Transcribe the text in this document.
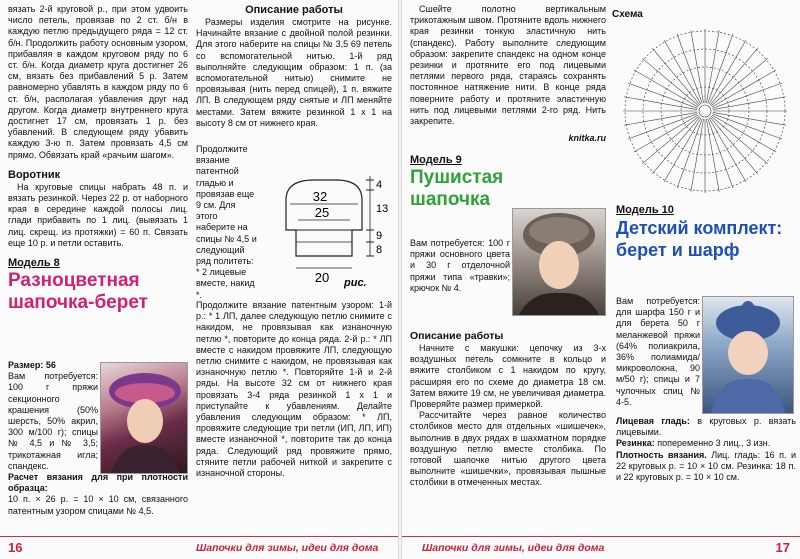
вязать 2-й круговой р., при этом удвоить число петель, провязав по 2 ст. б/н в каждую петлю предыдущего ряда = 12 ст. б/н. Продолжить работу основным узором, прибавляя в каждом круговом ряду по 6 ст. б/н. Когда диаметр круга достигнет 26 см, вязать без прибавлений 5 р. Затем равномерно убавлять в каждом ряду по 6 ст. б/н, располагая убавления друг над другом. Когда диаметр внутреннего круга достигнет 17 см, провязать 1 р. без убавлений. В следующем ряду убавить каждую 3-ю п. Затем провязать 4,5 см прямо. Обвязать край «рачьим шагом».

Воротник

На круговые спицы набрать 48 п. и вязать резинкой. Через 22 р. от наборного края в середине каждой полосы лиц. глади прибавить по 1 лиц. (вывязать 1 лиц. скрещ. из протяжки) = 60 п. Связать еще 10 р. и петли оставить.

Модель 8
Разноцветная шапочка-берет

Размер: 56

Вам потребуется: 100 г пряжи секционного крашения (50% шерсть, 50% акрил, 300 м/100 г); спицы № 4,5 и № 3,5; трикотажная игла; спандекс.

Расчет вязания для при плотности образца:

10 п. × 26 р. = 10 × 10 см, связанного патентным узором спицами № 4,5.

Описание работы

Размеры изделия смотрите на рисунке. Начинайте вязание с двойной полой резинки. Для этого наберите на спицы № 3,5 69 петель со вспомогательной нитью. 1-й ряд выполняйте следующим образом: 1 п. (за вспомогательной нитью) снимите не провязывая (нить перед спицей), 1 п. вяжите ЛП. В следующем ряду снятые и ЛП меняйте местами. Затем вяжите резинкой 1 х 1 на высоту 8 см от нижнего края.

Продолжите вязание патентной гладью и провязав еще 9 см. Для этого наберите на спицы № 4,5 и следующий ряд политеть: * 2 лицевые вместе, накид *.

32
25
20
4
13
9
8
рис.

Продолжите вязание патентным узором: 1-й р.: * 1 ЛП, далее следующую петлю снимите с накидом, не провязывая как изнаночную петлю *, повторите до конца ряда. 2-й р.: * ЛП вместе с накидом провяжите ЛП, следующую петлю снимите с накидом, не провязывая как изнаночную петлю *. Повторяйте 1-й и 2-й ряды. На высоте 32 см от нижнего края провязать 3-4 ряда резинкой 1 х 1 и приступайте к убавлениям. Делайте убавления следующим образом: * ЛП, провяжите следующие три петли (ИП, ЛП, ИП) вместе изнаночной *, повторите так до конца ряда. Следующий ряд провяжите прямо, стяните петли рабочей ниткой и закрепите с изнаночной стороны.

16	Шапочки для зимы, идеи для дома

Сшейте полотно вертикальным трикотажным швом. Протяните вдоль нижнего края резинки тонкую эластичную нить (спандекс). Работу выполните следующим образом: закрепите спандекс на одном конце резинки и протяните его под лицевыми петлями первого ряда, стараясь сохранять постоянное натяжение нити. В конце ряда поверните работу и протяните эластичную нить под лицевыми петлями 2-го ряд. Нить закрепите.

knitka.ru

Модель 9
Пушистая шапочка

Вам потребуется: 100 г пряжи основного цвета и 30 г отделочной пряжи типа «травки»; крючок № 4.

Описание работы

Начните с макушки: цепочку из 3-х воздушных петель сомкните в кольцо и вяжите столбиком с 1 накидом по кругу, расширяя его по схеме до диаметра 18 см. Затем вяжите 19 см, не увеличивая диаметра. Проверяйте размер примеркой.

Рассчитайте через равное количество столбиков место для отдельных «шишечек», выполнив в двух рядах в шахматном порядке воздушную петлю вместе столбика. По готовой шапочке нитью другого цвета выполните «шишечки», провязывая пышные столбики в отмеченных местах.

Схема
Модель 10
Детский комплект: берет и шарф

Вам потребуется: для шарфа 150 г и для берета 50 г меланжевой пряжи (64% полиакрила, 36% полиамида/микроволокна, 90 м/50 г); спицы и 7 чулочных спиц № 4-5.

Лицевая гладь: в круговых р. вязать лицевыми.

Резинка: попеременно 3 лиц., 3 изн.

Плотность вязания. Лиц. гладь: 16 п. и 22 круговых р. = 10 × 10 см. Резинка: 18 п. и 22 круговых р. = 10 × 10 см.

Шапочки для зимы, идеи для дома	17
